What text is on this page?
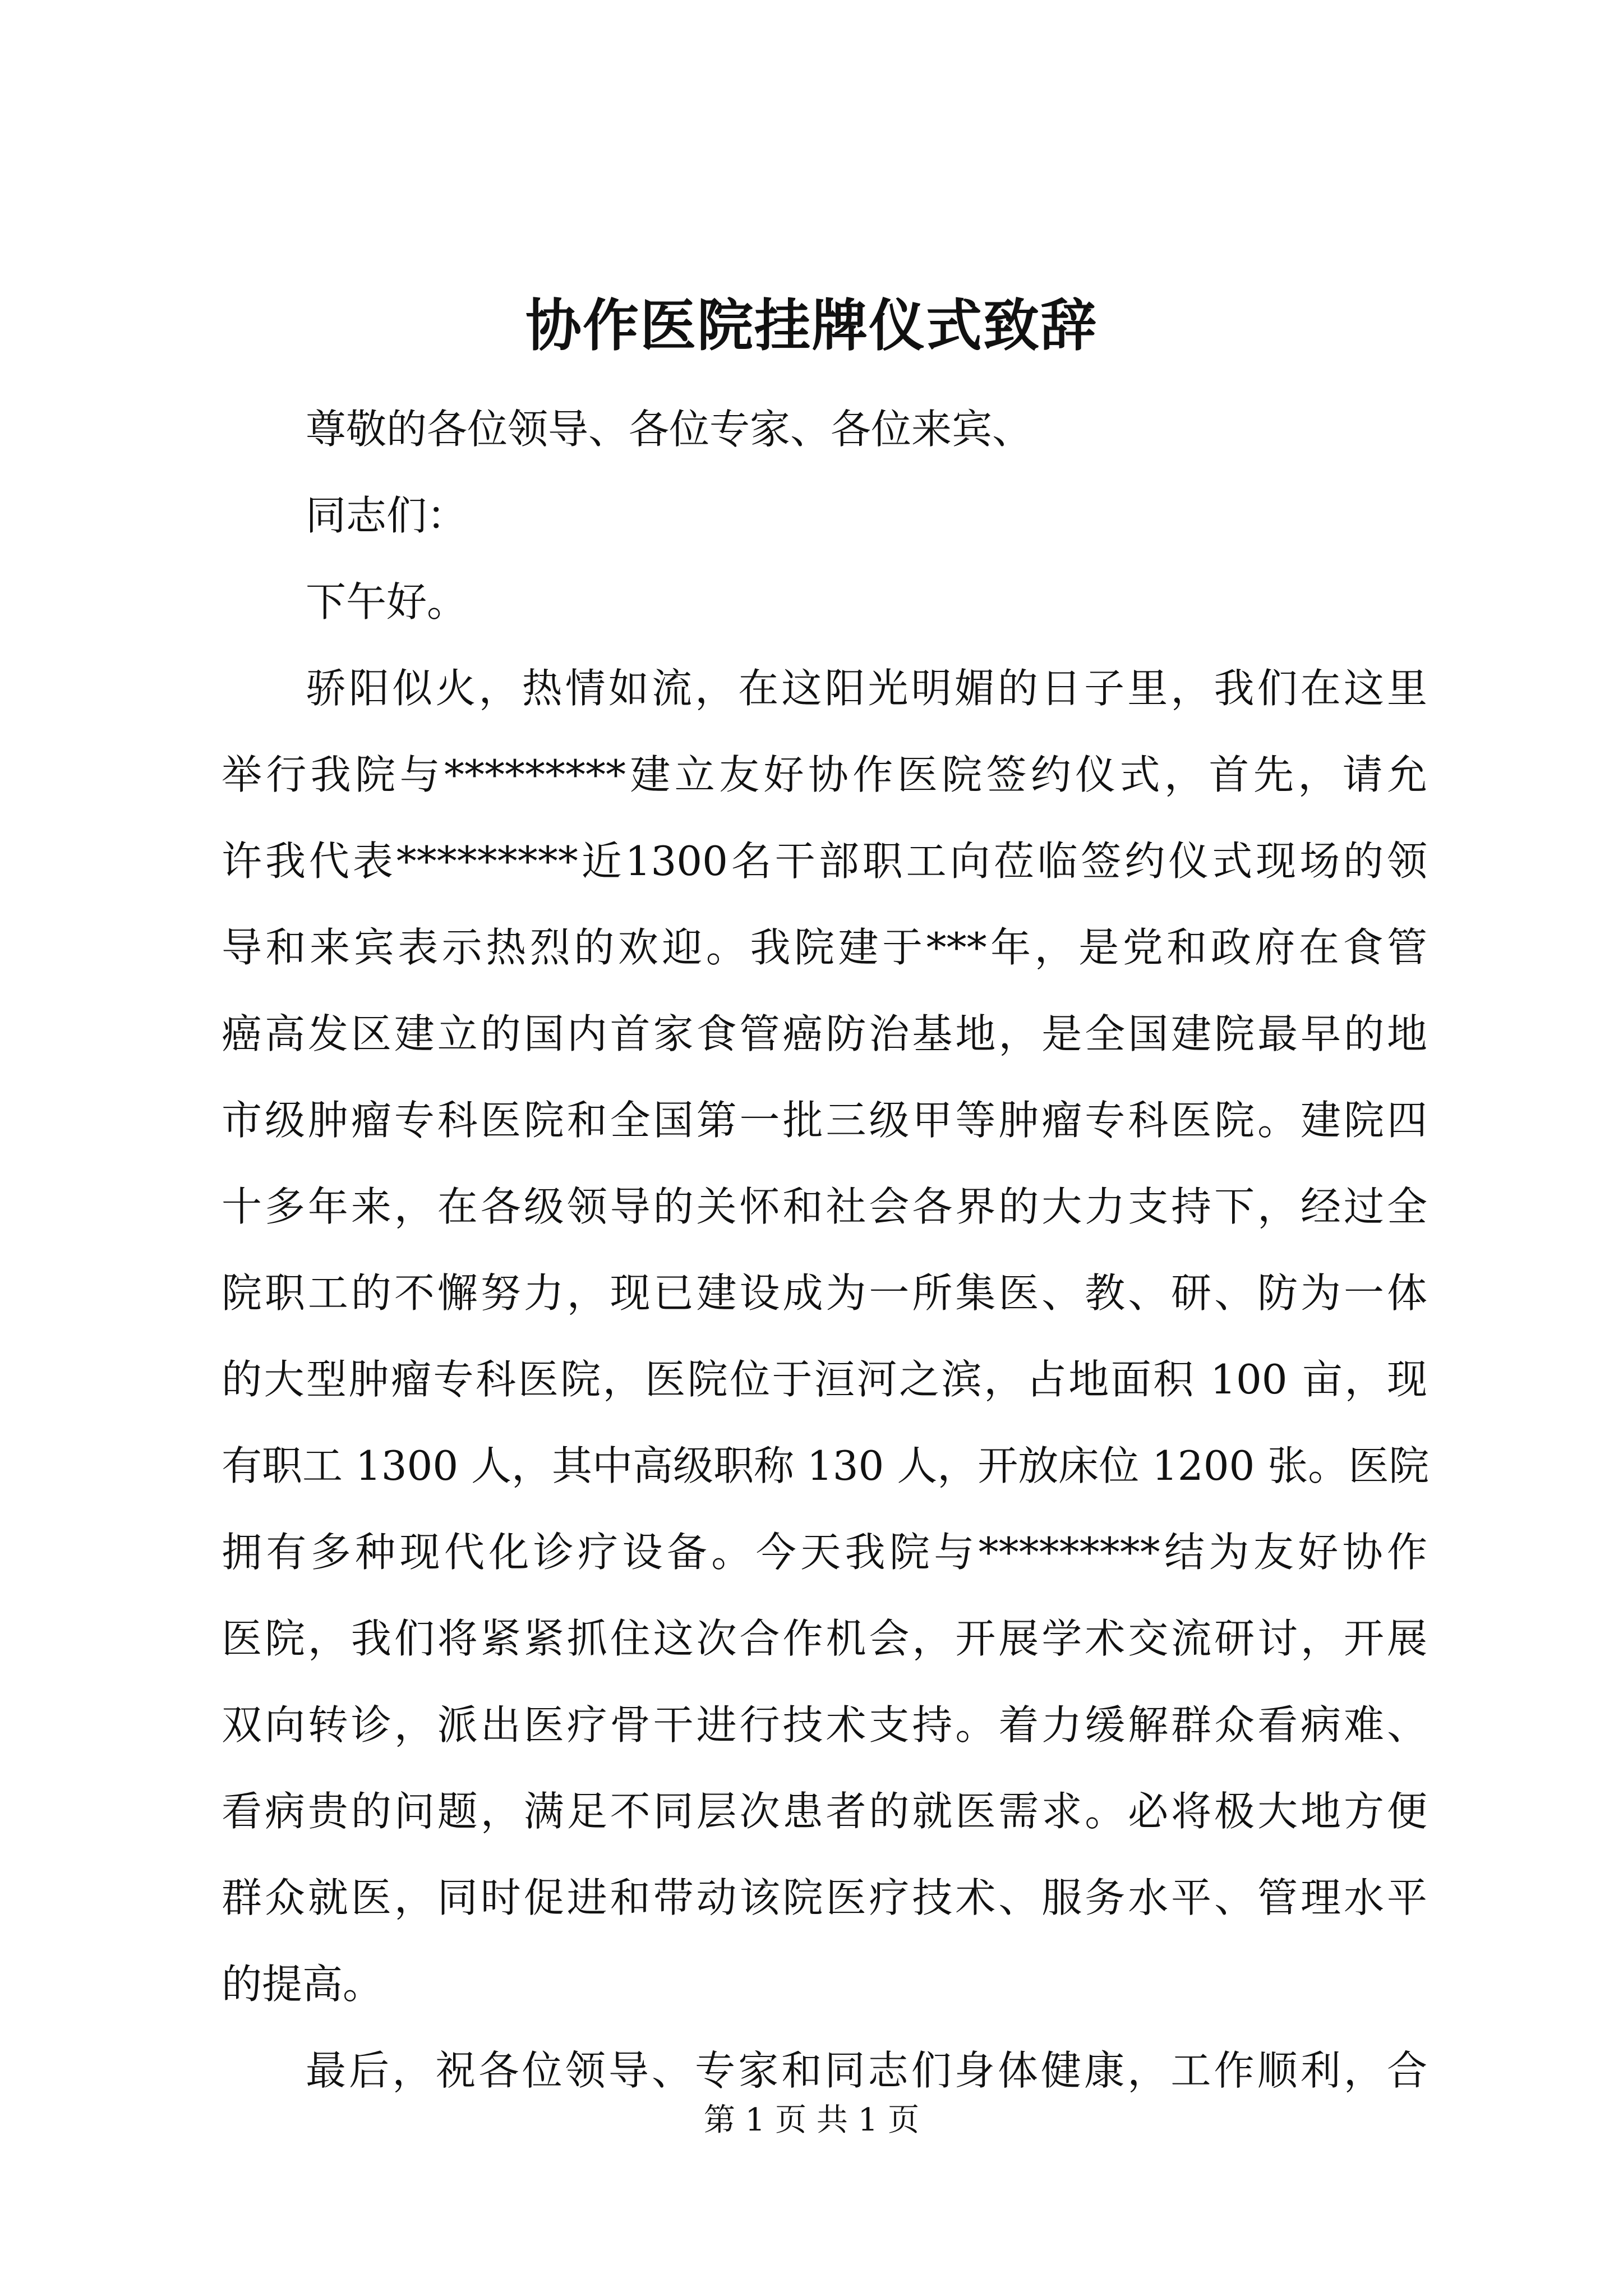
协作医院挂牌仪式致辞
尊敬的各位领导、各位专家、各位来宾、
同志们：
下午好。
骄阳似火，热情如流，在这阳光明媚的日子里，我们在这里
举行我院与*********建立友好协作医院签约仪式，首先，请允
许我代表*********近1300名干部职工向莅临签约仪式现场的领
导和来宾表示热烈的欢迎。我院建于***年，是党和政府在食管
癌高发区建立的国内首家食管癌防治基地，是全国建院最早的地
市级肿瘤专科医院和全国第一批三级甲等肿瘤专科医院。建院四
十多年来，在各级领导的关怀和社会各界的大力支持下，经过全
院职工的不懈努力，现已建设成为一所集医、教、研、防为一体
的大型肿瘤专科医院，医院位于洹河之滨，占地面积 100 亩，现
有职工 1300 人，其中高级职称 130 人，开放床位 1200 张。医院
拥有多种现代化诊疗设备。今天我院与*********结为友好协作
医院，我们将紧紧抓住这次合作机会，开展学术交流研讨，开展
双向转诊，派出医疗骨干进行技术支持。着力缓解群众看病难、
看病贵的问题，满足不同层次患者的就医需求。必将极大地方便
群众就医，同时促进和带动该院医疗技术、服务水平、管理水平
的提高。
最后，祝各位领导、专家和同志们身体健康，工作顺利，合
第 1 页 共 1 页
